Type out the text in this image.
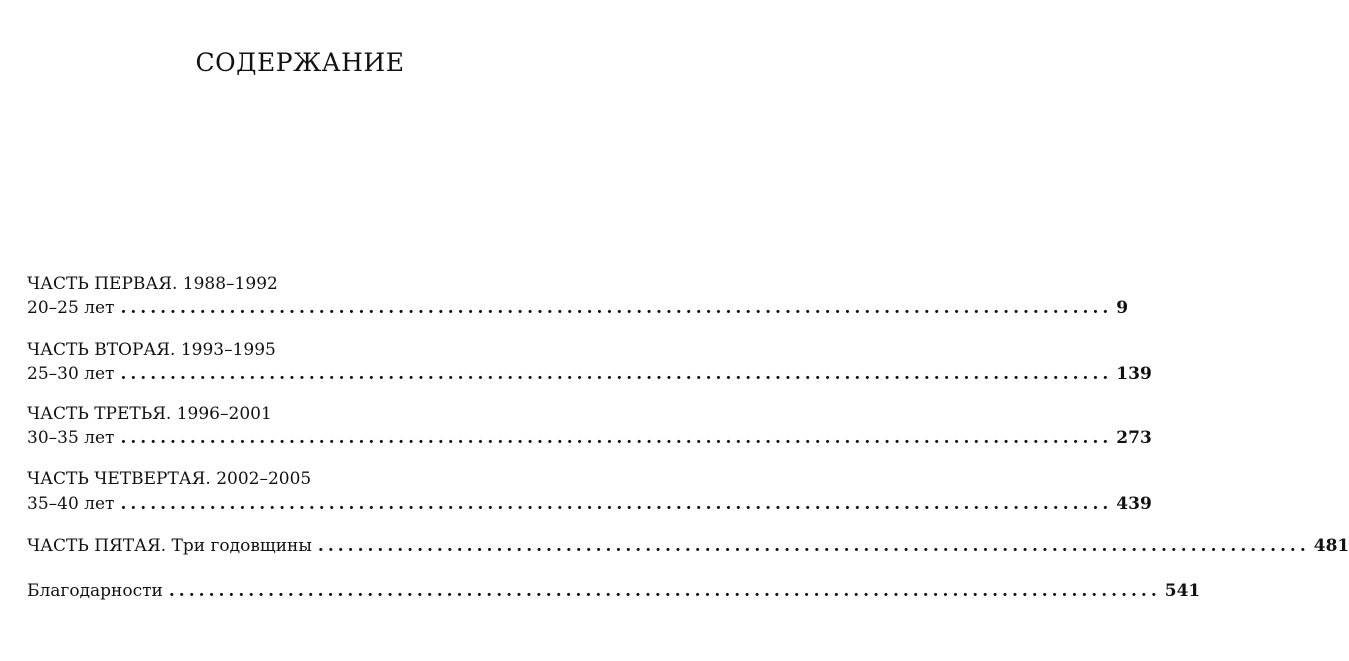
СОДЕРЖАНИЕ
ЧАСТЬ ПЕРВАЯ. 1988–1992
20–25 лет .................................................................................................... 9
ЧАСТЬ ВТОРАЯ. 1993–1995
25–30 лет .................................................................................................... 139
ЧАСТЬ ТРЕТЬЯ. 1996–2001
30–35 лет .................................................................................................... 273
ЧАСТЬ ЧЕТВЕРТАЯ. 2002–2005
35–40 лет .................................................................................................... 439
ЧАСТЬ ПЯТАЯ. Три годовщины .................................................................................................... 481
Благодарности .................................................................................................... 541
